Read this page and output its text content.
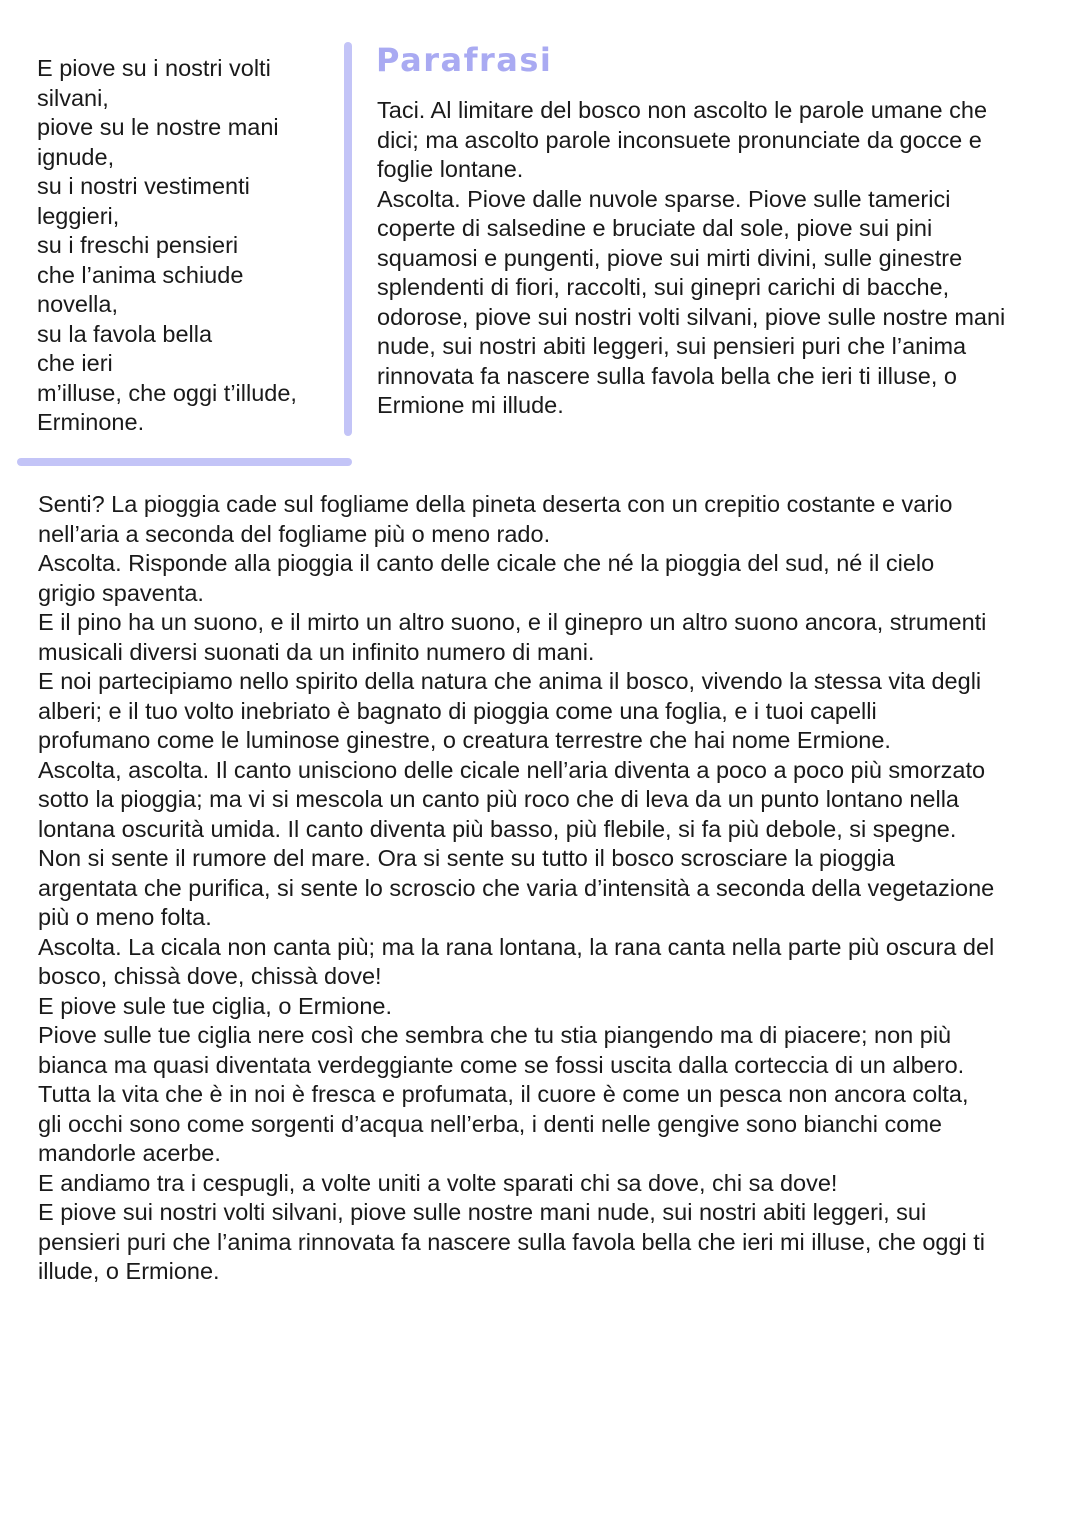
E piove su i nostri volti
silvani,
piove su le nostre mani
ignude,
su i nostri vestimenti
leggieri,
su i freschi pensieri
che l’anima schiude
novella,
su la favola bella
che ieri
m’illuse, che oggi t’illude,
Erminone.
Parafrasi
Taci. Al limitare del bosco non ascolto le parole umane che
dici; ma ascolto parole inconsuete pronunciate da gocce e
foglie lontane.
Ascolta. Piove dalle nuvole sparse. Piove sulle tamerici
coperte di salsedine e bruciate dal sole, piove sui pini
squamosi e pungenti, piove sui mirti divini, sulle ginestre
splendenti di fiori, raccolti, sui ginepri carichi di bacche,
odorose, piove sui nostri volti silvani, piove sulle nostre mani
nude, sui nostri abiti leggeri, sui pensieri puri che l’anima
rinnovata fa nascere sulla favola bella che ieri ti illuse, o
Ermione mi illude.
Senti? La pioggia cade sul fogliame della pineta deserta con un crepitio costante e vario
nell’aria a seconda del fogliame più o meno rado.
Ascolta. Risponde alla pioggia il canto delle cicale che né la pioggia del sud, né il cielo
grigio spaventa.
E il pino ha un suono, e il mirto un altro suono, e il ginepro un altro suono ancora, strumenti
musicali diversi suonati da un infinito numero di mani.
E noi partecipiamo nello spirito della natura che anima il bosco, vivendo la stessa vita degli
alberi; e il tuo volto inebriato è bagnato di pioggia come una foglia, e i tuoi capelli
profumano come le luminose ginestre, o creatura terrestre che hai nome Ermione.
Ascolta, ascolta. Il canto unisciono delle cicale nell’aria diventa a poco a poco più smorzato
sotto la pioggia; ma vi si mescola un canto più roco che di leva da un punto lontano nella
lontana oscurità umida. Il canto diventa più basso, più flebile, si fa più debole, si spegne.
Non si sente il rumore del mare. Ora si sente su tutto il bosco scrosciare la pioggia
argentata che purifica, si sente lo scroscio che varia d’intensità a seconda della vegetazione
più o meno folta.
Ascolta. La cicala non canta più; ma la rana lontana, la rana canta nella parte più oscura del
bosco, chissà dove, chissà dove!
E piove sule tue ciglia, o Ermione.
Piove sulle tue ciglia nere così che sembra che tu stia piangendo ma di piacere; non più
bianca ma quasi diventata verdeggiante come se fossi uscita dalla corteccia di un albero.
Tutta la vita che è in noi è fresca e profumata, il cuore è come un pesca non ancora colta,
gli occhi sono come sorgenti d’acqua nell’erba, i denti nelle gengive sono bianchi come
mandorle acerbe.
E andiamo tra i cespugli, a volte uniti a volte sparati chi sa dove, chi sa dove!
E piove sui nostri volti silvani, piove sulle nostre mani nude, sui nostri abiti leggeri, sui
pensieri puri che l’anima rinnovata fa nascere sulla favola bella che ieri mi illuse, che oggi ti
illude, o Ermione.
